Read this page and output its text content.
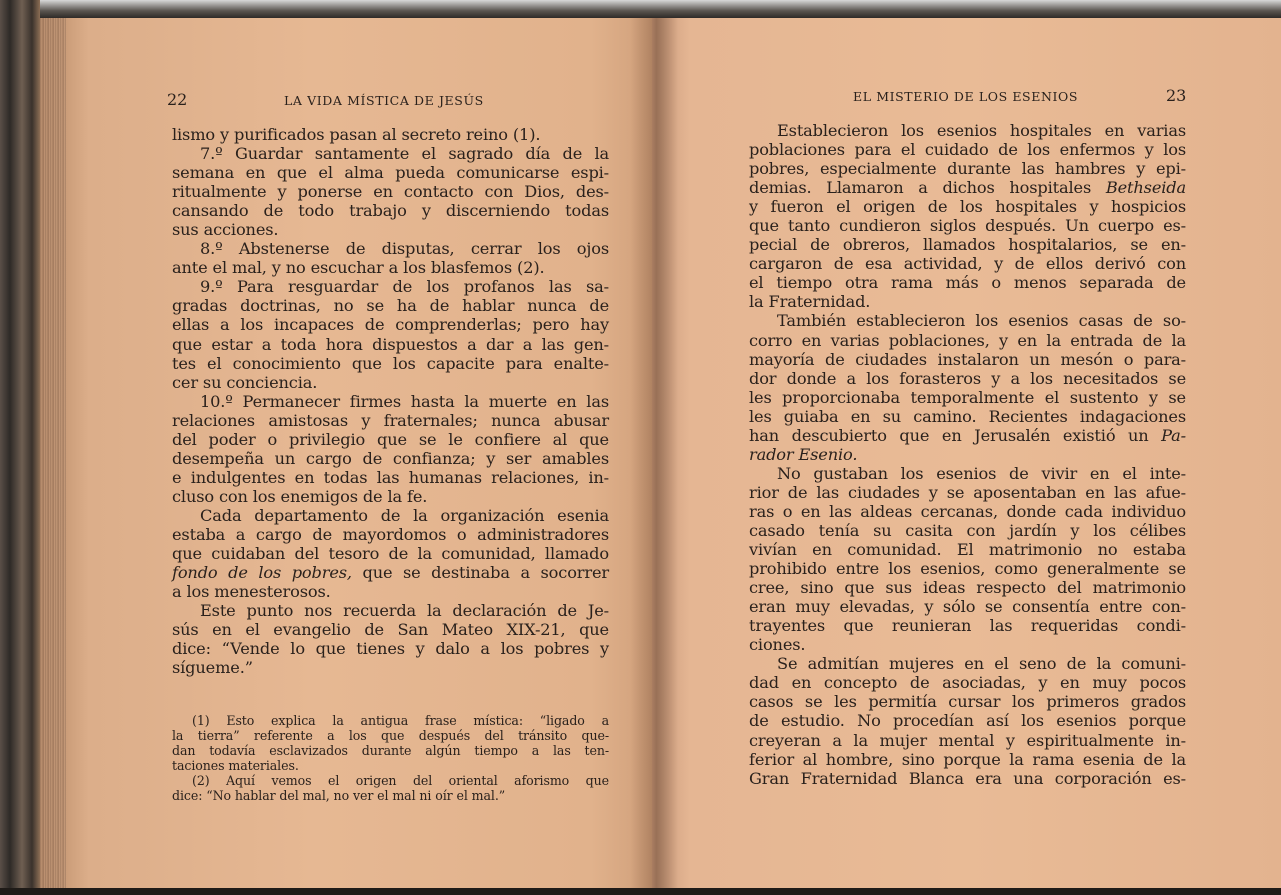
22	LA VIDA MÍSTICA DE JESÚS
lismo y purificados pasan al secreto reino (1).
7.º Guardar santamente el sagrado día de la
semana en que el alma pueda comunicarse espi-
ritualmente y ponerse en contacto con Dios, des-
cansando de todo trabajo y discerniendo todas
sus acciones.
8.º Abstenerse de disputas, cerrar los ojos
ante el mal, y no escuchar a los blasfemos (2).
9.º Para resguardar de los profanos las sa-
gradas doctrinas, no se ha de hablar nunca de
ellas a los incapaces de comprenderlas; pero hay
que estar a toda hora dispuestos a dar a las gen-
tes el conocimiento que los capacite para enalte-
cer su conciencia.
10.º Permanecer firmes hasta la muerte en las
relaciones amistosas y fraternales; nunca abusar
del poder o privilegio que se le confiere al que
desempeña un cargo de confianza; y ser amables
e indulgentes en todas las humanas relaciones, in-
cluso con los enemigos de la fe.
Cada departamento de la organización esenia
estaba a cargo de mayordomos o administradores
que cuidaban del tesoro de la comunidad, llamado
fondo de los pobres, que se destinaba a socorrer
a los menesterosos.
Este punto nos recuerda la declaración de Je-
sús en el evangelio de San Mateo XIX-21, que
dice: “Vende lo que tienes y dalo a los pobres y
sígueme.”
(1) Esto explica la antigua frase mística: “ligado a
la tierra” referente a los que después del tránsito que-
dan todavía esclavizados durante algún tiempo a las ten-
taciones materiales.
(2) Aquí vemos el origen del oriental aforismo que
dice: “No hablar del mal, no ver el mal ni oír el mal.”
EL MISTERIO DE LOS ESENIOS	23
Establecieron los esenios hospitales en varias
poblaciones para el cuidado de los enfermos y los
pobres, especialmente durante las hambres y epi-
demias. Llamaron a dichos hospitales Bethseida
y fueron el origen de los hospitales y hospicios
que tanto cundieron siglos después. Un cuerpo es-
pecial de obreros, llamados hospitalarios, se en-
cargaron de esa actividad, y de ellos derivó con
el tiempo otra rama más o menos separada de
la Fraternidad.
También establecieron los esenios casas de so-
corro en varias poblaciones, y en la entrada de la
mayoría de ciudades instalaron un mesón o para-
dor donde a los forasteros y a los necesitados se
les proporcionaba temporalmente el sustento y se
les guiaba en su camino. Recientes indagaciones
han descubierto que en Jerusalén existió un Pa-
rador Esenio.
No gustaban los esenios de vivir en el inte-
rior de las ciudades y se aposentaban en las afue-
ras o en las aldeas cercanas, donde cada individuo
casado tenía su casita con jardín y los célibes
vivían en comunidad. El matrimonio no estaba
prohibido entre los esenios, como generalmente se
cree, sino que sus ideas respecto del matrimonio
eran muy elevadas, y sólo se consentía entre con-
trayentes que reunieran las requeridas condi-
ciones.
Se admitían mujeres en el seno de la comuni-
dad en concepto de asociadas, y en muy pocos
casos se les permitía cursar los primeros grados
de estudio. No procedían así los esenios porque
creyeran a la mujer mental y espiritualmente in-
ferior al hombre, sino porque la rama esenia de la
Gran Fraternidad Blanca era una corporación es-
